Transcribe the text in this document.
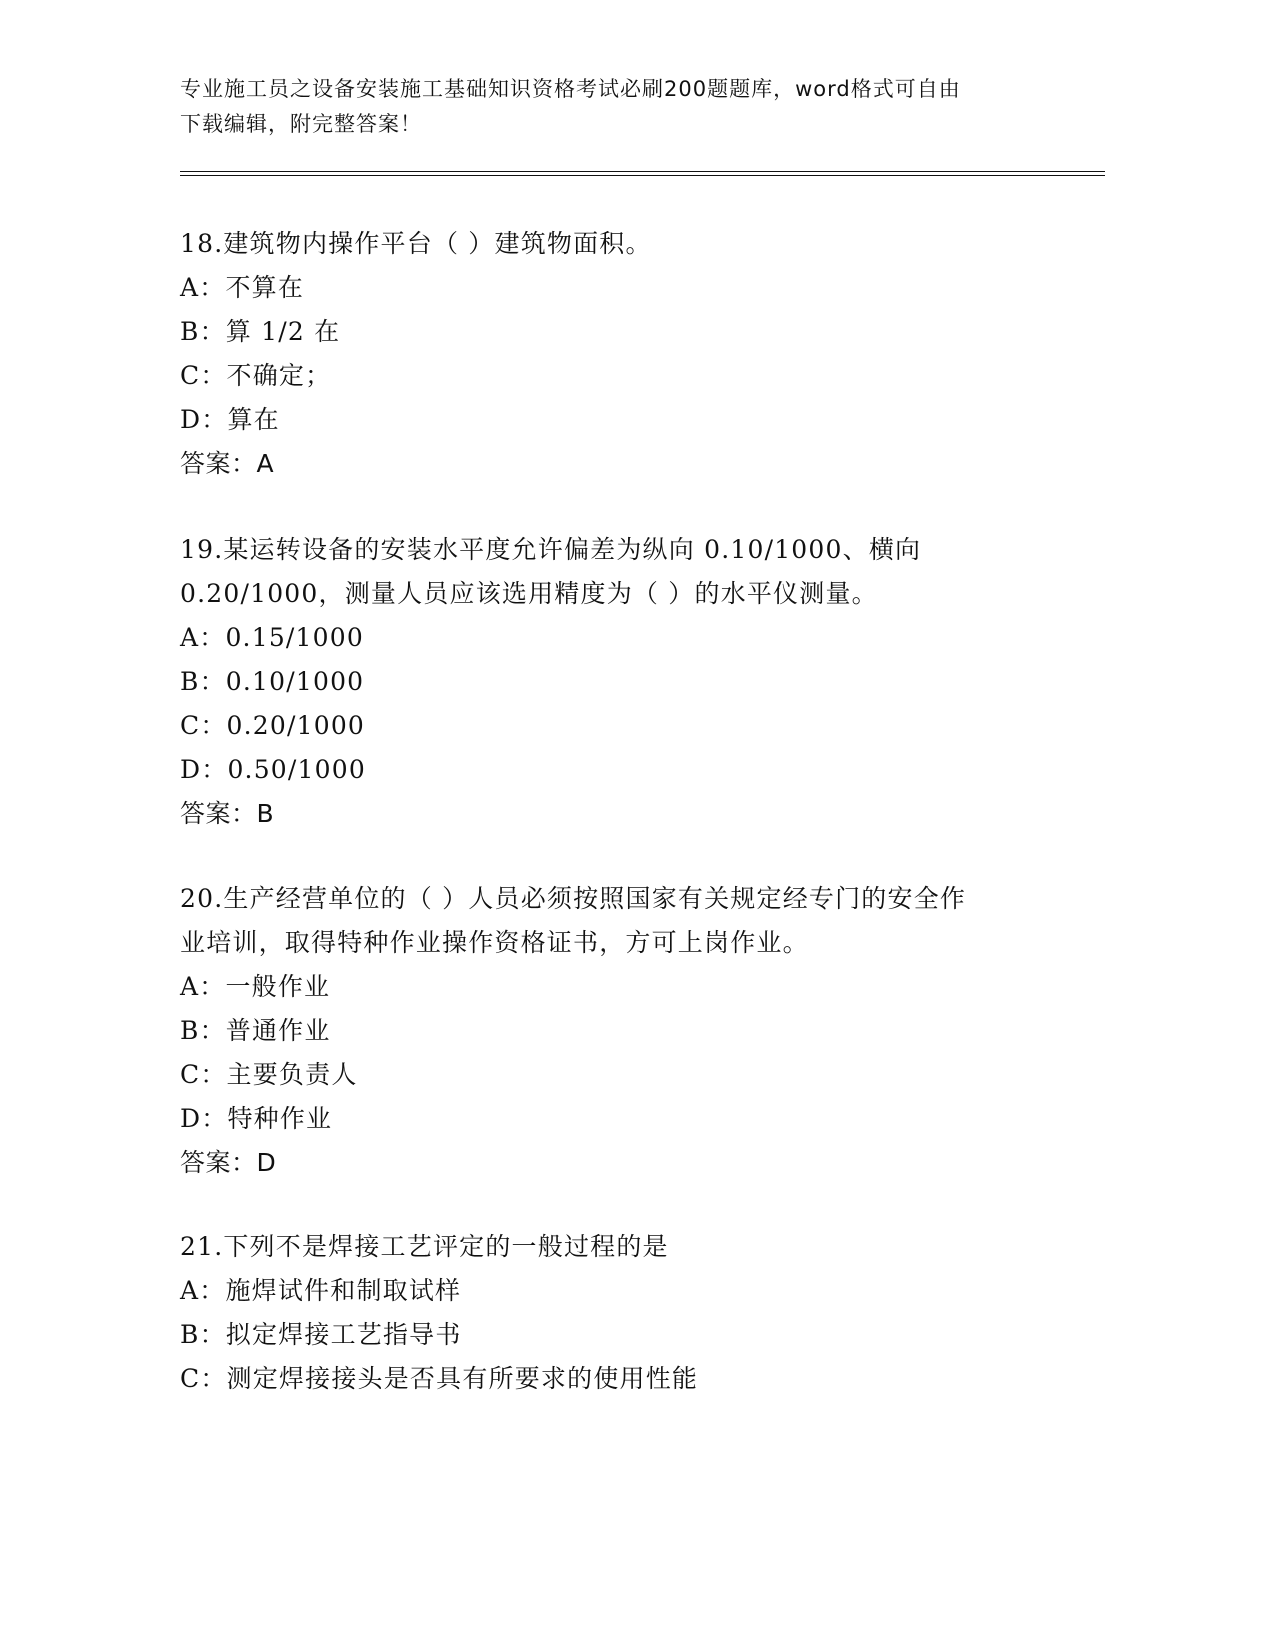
专业施工员之设备安装施工基础知识资格考试必刷200题题库，word格式可自由
下载编辑，附完整答案！
18.建筑物内操作平台（ ）建筑物面积。
A：不算在
B：算 1/2 在
C：不确定；
D：算在
答案：A
19.某运转设备的安装水平度允许偏差为纵向 0.10/1000、横向
0.20/1000，测量人员应该选用精度为（ ）的水平仪测量。
A：0.15/1000
B：0.10/1000
C：0.20/1000
D：0.50/1000
答案：B
20.生产经营单位的（ ）人员必须按照国家有关规定经专门的安全作
业培训，取得特种作业操作资格证书，方可上岗作业。
A：一般作业
B：普通作业
C：主要负责人
D：特种作业
答案：D
21.下列不是焊接工艺评定的一般过程的是
A：施焊试件和制取试样
B：拟定焊接工艺指导书
C：测定焊接接头是否具有所要求的使用性能
